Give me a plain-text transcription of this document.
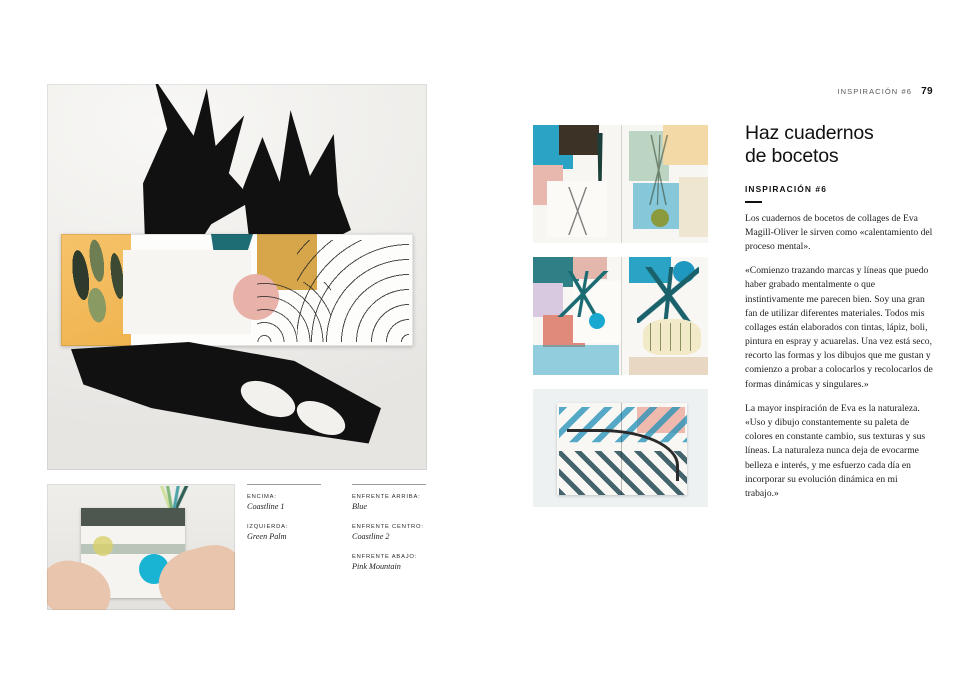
INSPIRACIÓN #6 79
ENCIMA:
Coastline 1
IZQUIERDA:
Green Palm
ENFRENTE ARRIBA:
Blue
ENFRENTE CENTRO:
Coastline 2
ENFRENTE ABAJO:
Pink Mountain
Haz cuadernos
de bocetos
INSPIRACIÓN #6

Los cuadernos de bocetos de collages de Eva Magill-Oliver le sirven como «calentamiento del proceso mental».

«Comienzo trazando marcas y líneas que puedo haber grabado mentalmente o que instintivamente me parecen bien. Soy una gran fan de utilizar diferentes materiales. Todos mis collages están elaborados con tintas, lápiz, boli, pintura en espray y acuarelas. Una vez está seco, recorto las formas y los dibujos que me gustan y comienzo a probar a colocarlos y recolocarlos de formas dinámicas y singulares.»

La mayor inspiración de Eva es la naturaleza. «Uso y dibujo constantemente su paleta de colores en constante cambio, sus texturas y sus líneas. La naturaleza nunca deja de evocarme belleza e interés, y me esfuerzo cada día en incorporar su evolución dinámica en mi trabajo.»
